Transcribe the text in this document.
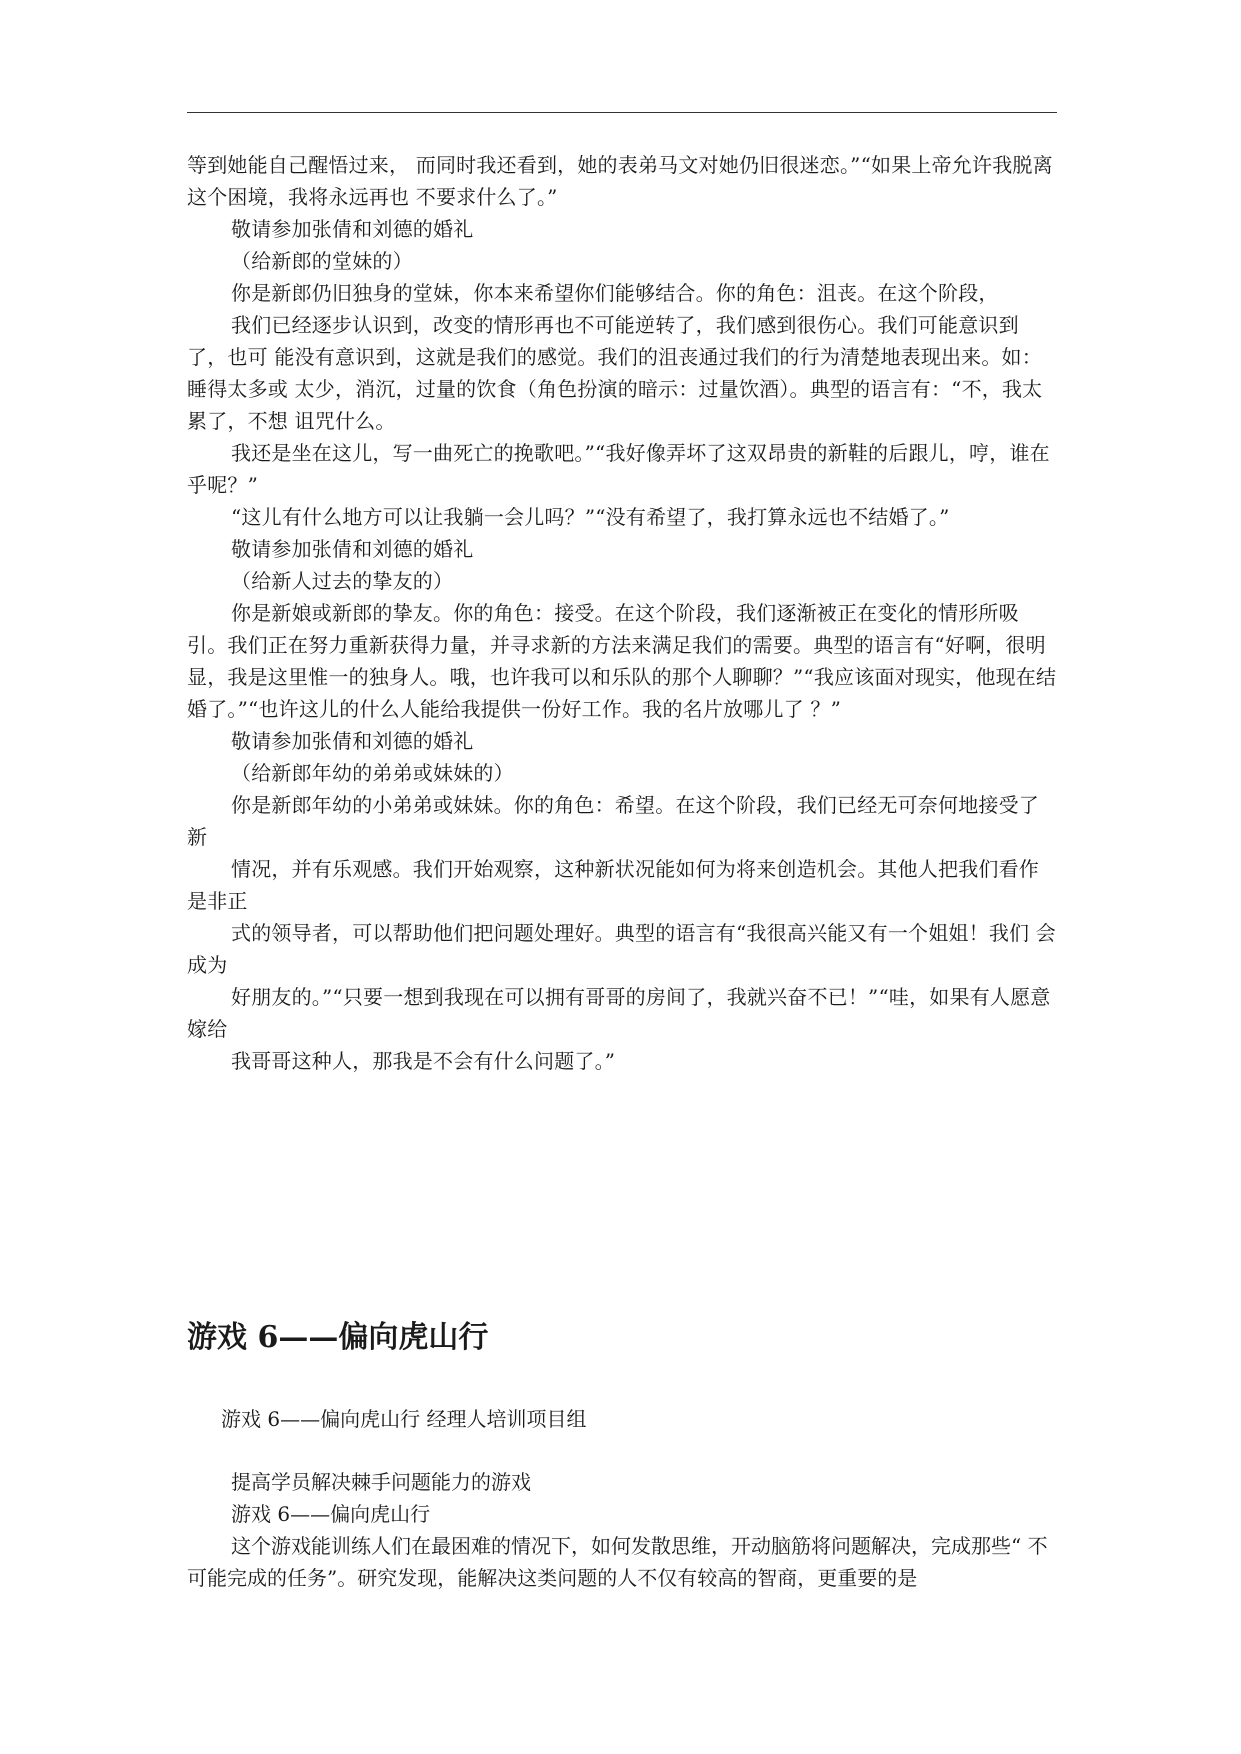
等到她能自己醒悟过来， 而同时我还看到，她的表弟马文对她仍旧很迷恋。”“如果上帝允许我脱离这个困境，我将永远再也 不要求什么了。”

敬请参加张倩和刘德的婚礼

（给新郎的堂妹的）

你是新郎仍旧独身的堂妹，你本来希望你们能够结合。你的角色：沮丧。在这个阶段，

我们已经逐步认识到，改变的情形再也不可能逆转了，我们感到很伤心。我们可能意识到了，也可 能没有意识到，这就是我们的感觉。我们的沮丧通过我们的行为清楚地表现出来。如：睡得太多或 太少，消沉，过量的饮食（角色扮演的暗示：过量饮酒）。典型的语言有：“不，我太累了，不想 诅咒什么。

我还是坐在这儿，写一曲死亡的挽歌吧。”“我好像弄坏了这双昂贵的新鞋的后跟儿，哼，谁在乎呢？”

“这儿有什么地方可以让我躺一会儿吗？”“没有希望了，我打算永远也不结婚了。”

敬请参加张倩和刘德的婚礼

（给新人过去的挚友的）

你是新娘或新郎的挚友。你的角色：接受。在这个阶段，我们逐渐被正在变化的情形所吸引。我们正在努力重新获得力量，并寻求新的方法来满足我们的需要。典型的语言有“好啊，很明显，我是这里惟一的独身人。哦，也许我可以和乐队的那个人聊聊？”“我应该面对现实，他现在结婚了。”“也许这儿的什么人能给我提供一份好工作。我的名片放哪儿了 ？”

敬请参加张倩和刘德的婚礼

（给新郎年幼的弟弟或妹妹的）

你是新郎年幼的小弟弟或妹妹。你的角色：希望。在这个阶段，我们已经无可奈何地接受了新

情况，并有乐观感。我们开始观察，这种新状况能如何为将来创造机会。其他人把我们看作 是非正

式的领导者，可以帮助他们把问题处理好。典型的语言有“我很高兴能又有一个姐姐！我们 会成为

好朋友的。”“只要一想到我现在可以拥有哥哥的房间了，我就兴奋不已！”“哇，如果有人愿意嫁给

我哥哥这种人，那我是不会有什么问题了。”

游戏 6——偏向虎山行

游戏 6——偏向虎山行 经理人培训项目组

提高学员解决棘手问题能力的游戏

游戏 6——偏向虎山行

这个游戏能训练人们在最困难的情况下，如何发散思维，开动脑筋将问题解决，完成那些“ 不可能完成的任务”。研究发现，能解决这类问题的人不仅有较高的智商，更重要的是
